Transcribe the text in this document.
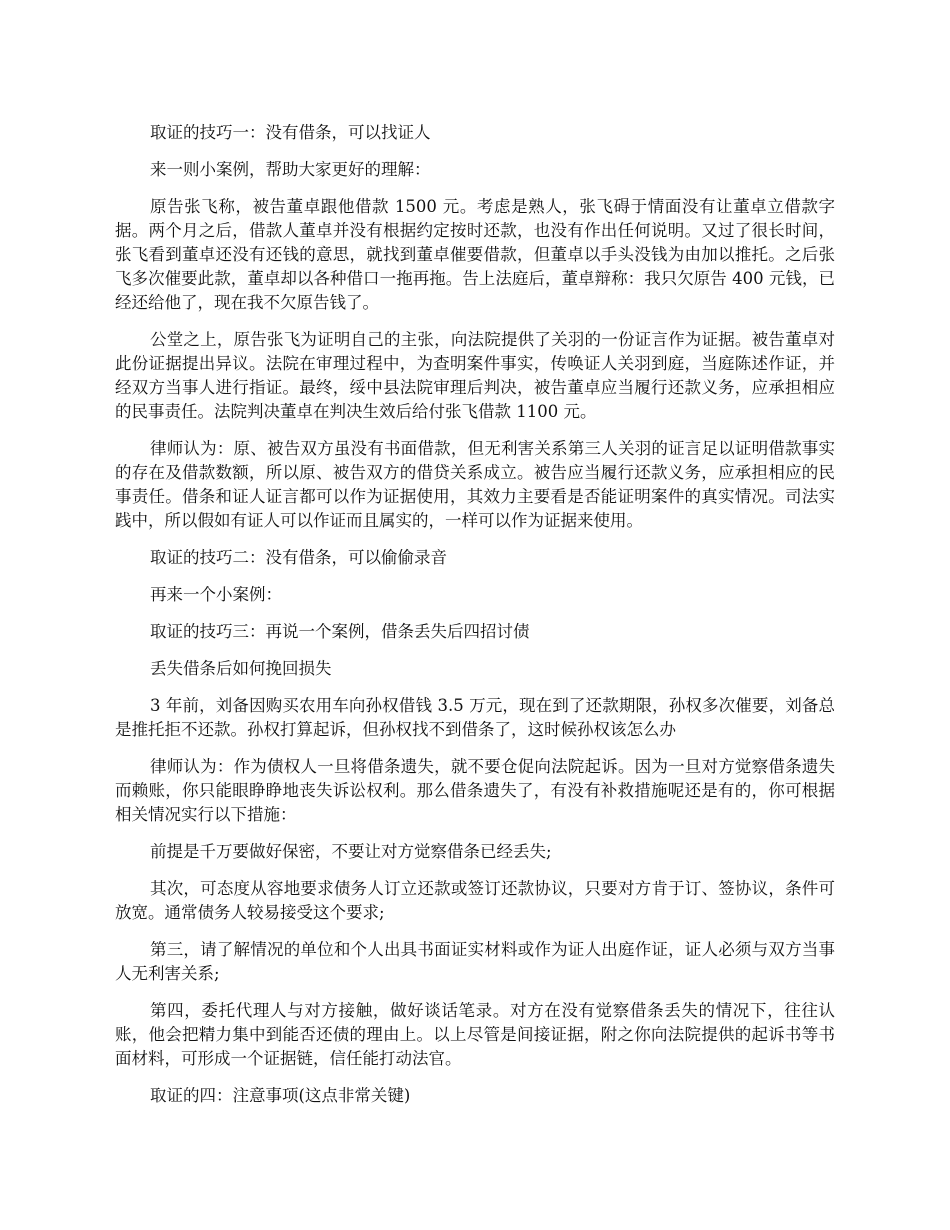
取证的技巧一：没有借条，可以找证人

来一则小案例，帮助大家更好的理解：

原告张飞称，被告董卓跟他借款 1500 元。考虑是熟人，张飞碍于情面没有让董卓立借款字据。两个月之后，借款人董卓并没有根据约定按时还款，也没有作出任何说明。又过了很长时间，张飞看到董卓还没有还钱的意思，就找到董卓催要借款，但董卓以手头没钱为由加以推托。之后张飞多次催要此款，董卓却以各种借口一拖再拖。告上法庭后，董卓辩称：我只欠原告 400 元钱，已经还给他了，现在我不欠原告钱了。

公堂之上，原告张飞为证明自己的主张，向法院提供了关羽的一份证言作为证据。被告董卓对此份证据提出异议。法院在审理过程中，为查明案件事实，传唤证人关羽到庭，当庭陈述作证，并经双方当事人进行指证。最终，绥中县法院审理后判决，被告董卓应当履行还款义务，应承担相应的民事责任。法院判决董卓在判决生效后给付张飞借款 1100 元。

律师认为：原、被告双方虽没有书面借款，但无利害关系第三人关羽的证言足以证明借款事实的存在及借款数额，所以原、被告双方的借贷关系成立。被告应当履行还款义务，应承担相应的民事责任。借条和证人证言都可以作为证据使用，其效力主要看是否能证明案件的真实情况。司法实践中，所以假如有证人可以作证而且属实的，一样可以作为证据来使用。

取证的技巧二：没有借条，可以偷偷录音

再来一个小案例：

取证的技巧三：再说一个案例，借条丢失后四招讨债

丢失借条后如何挽回损失

3 年前，刘备因购买农用车向孙权借钱 3.5 万元，现在到了还款期限，孙权多次催要，刘备总是推托拒不还款。孙权打算起诉，但孙权找不到借条了，这时候孙权该怎么办

律师认为：作为债权人一旦将借条遗失，就不要仓促向法院起诉。因为一旦对方觉察借条遗失而赖账，你只能眼睁睁地丧失诉讼权利。那么借条遗失了，有没有补救措施呢还是有的，你可根据相关情况实行以下措施：

前提是千万要做好保密，不要让对方觉察借条已经丢失;

其次，可态度从容地要求债务人订立还款或签订还款协议，只要对方肯于订、签协议，条件可放宽。通常债务人较易接受这个要求;

第三，请了解情况的单位和个人出具书面证实材料或作为证人出庭作证，证人必须与双方当事人无利害关系;

第四，委托代理人与对方接触，做好谈话笔录。对方在没有觉察借条丢失的情况下，往往认账，他会把精力集中到能否还债的理由上。以上尽管是间接证据，附之你向法院提供的起诉书等书面材料，可形成一个证据链，信任能打动法官。

取证的四：注意事项(这点非常关键)
